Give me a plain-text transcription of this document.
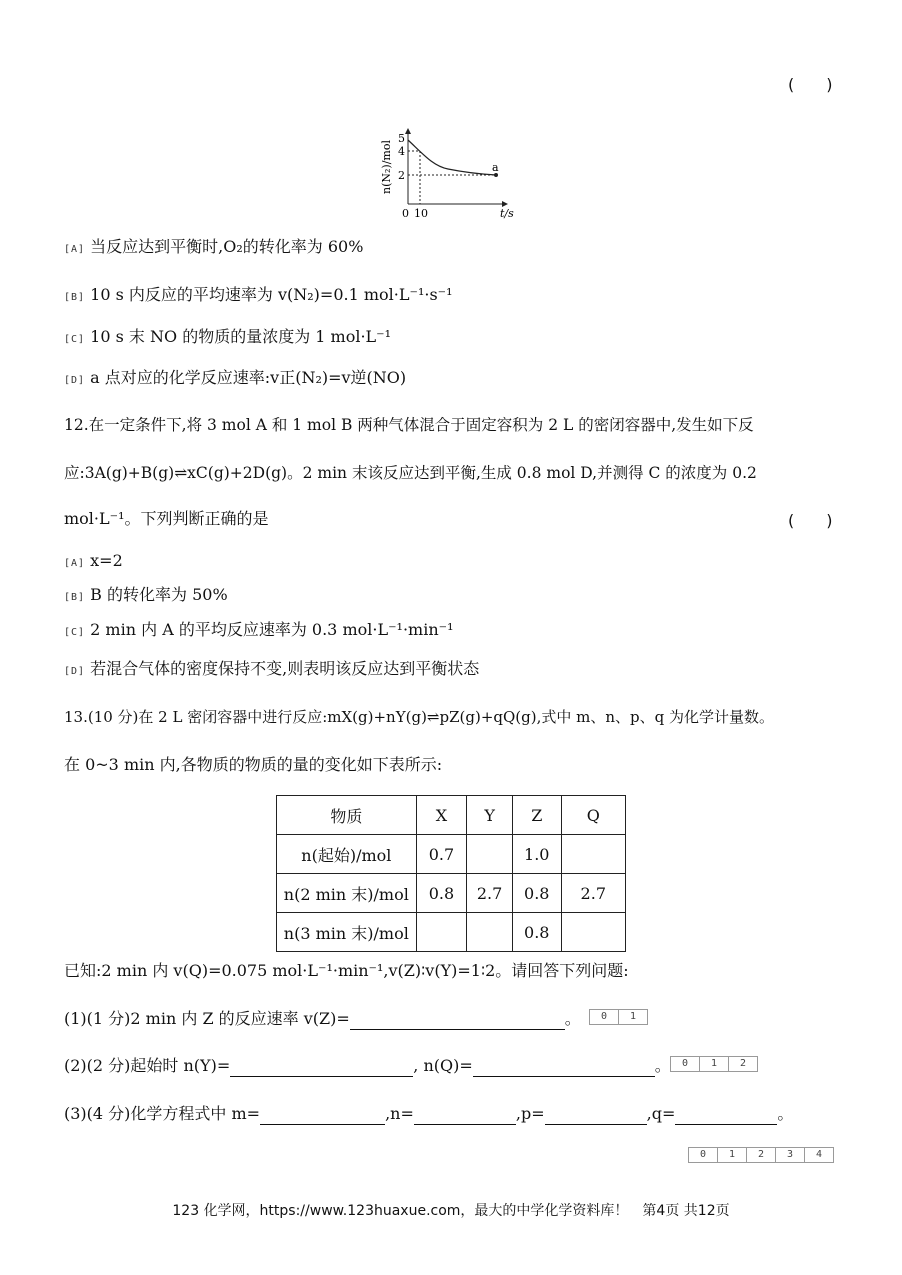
(　　)
a
5
4
2
0 10	t/s
n(N₂)/mol
[A] 当反应达到平衡时,O₂的转化率为 60%
[B] 10 s 内反应的平均速率为 v(N₂)=0.1 mol·L⁻¹·s⁻¹
[C] 10 s 末 NO 的物质的量浓度为 1 mol·L⁻¹
[D] a 点对应的化学反应速率:v正(N₂)=v逆(NO)
12.在一定条件下,将 3 mol A 和 1 mol B 两种气体混合于固定容积为 2 L 的密闭容器中,发生如下反
应:3A(g)+B(g)⇌xC(g)+2D(g)。2 min 末该反应达到平衡,生成 0.8 mol D,并测得 C 的浓度为 0.2
mol·L⁻¹。下列判断正确的是	(　　)
[A] x=2
[B] B 的转化率为 50%
[C] 2 min 内 A 的平均反应速率为 0.3 mol·L⁻¹·min⁻¹
[D] 若混合气体的密度保持不变,则表明该反应达到平衡状态
13.(10 分)在 2 L 密闭容器中进行反应:mX(g)+nY(g)⇌pZ(g)+qQ(g),式中 m、n、p、q 为化学计量数。
在 0~3 min 内,各物质的物质的量的变化如下表所示:
物质	X	Y	Z	Q
n(起始)/mol	0.7		1.0	
n(2 min 末)/mol	0.8	2.7	0.8	2.7
n(3 min 末)/mol			0.8	
已知:2 min 内 v(Q)=0.075 mol·L⁻¹·min⁻¹,v(Z)∶v(Y)=1∶2。请回答下列问题:
(1)(1 分)2 min 内 Z 的反应速率 v(Z)=	。	0	1
(2)(2 分)起始时 n(Y)=	, n(Q)=	。	0	1	2
(3)(4 分)化学方程式中 m=	,n=	,p=	,q=	。
0	1	2	3	4
123 化学网，https://www.123huaxue.com，最大的中学化学资料库！　第4页 共12页
